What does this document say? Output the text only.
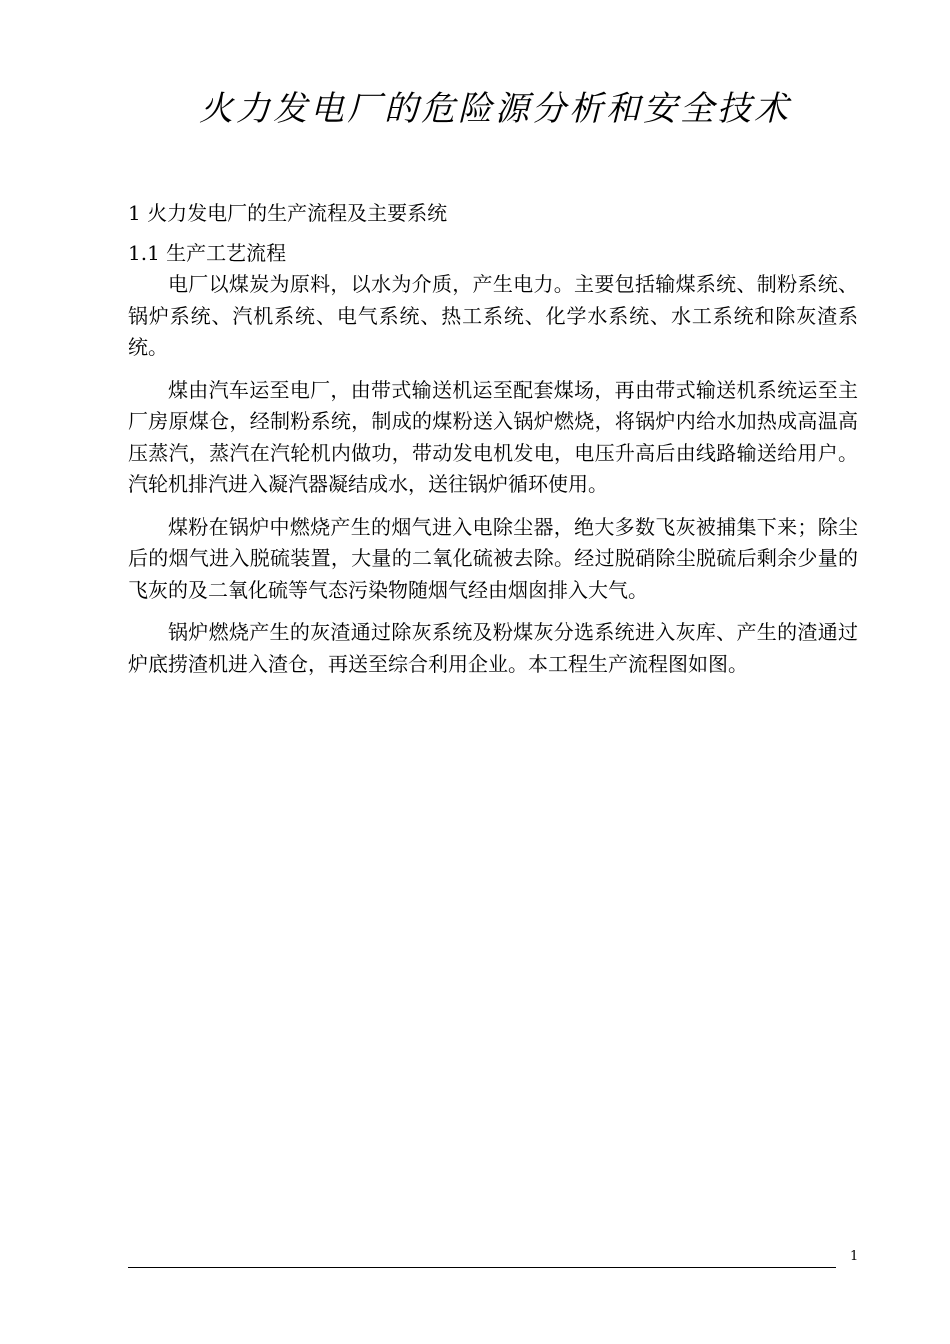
火力发电厂的危险源分析和安全技术
1 火力发电厂的生产流程及主要系统
1.1 生产工艺流程

电厂以煤炭为原料，以水为介质，产生电力。主要包括输煤系统、制粉系统、锅炉系统、汽机系统、电气系统、热工系统、化学水系统、水工系统和除灰渣系统。

煤由汽车运至电厂，由带式输送机运至配套煤场，再由带式输送机系统运至主厂房原煤仓，经制粉系统，制成的煤粉送入锅炉燃烧，将锅炉内给水加热成高温高压蒸汽，蒸汽在汽轮机内做功，带动发电机发电，电压升高后由线路输送给用户。汽轮机排汽进入凝汽器凝结成水，送往锅炉循环使用。

煤粉在锅炉中燃烧产生的烟气进入电除尘器，绝大多数飞灰被捕集下来；除尘后的烟气进入脱硫装置，大量的二氧化硫被去除。经过脱硝除尘脱硫后剩余少量的飞灰的及二氧化硫等气态污染物随烟气经由烟囱排入大气。

锅炉燃烧产生的灰渣通过除灰系统及粉煤灰分选系统进入灰库、产生的渣通过炉底捞渣机进入渣仓，再送至综合利用企业。本工程生产流程图如图。

1
